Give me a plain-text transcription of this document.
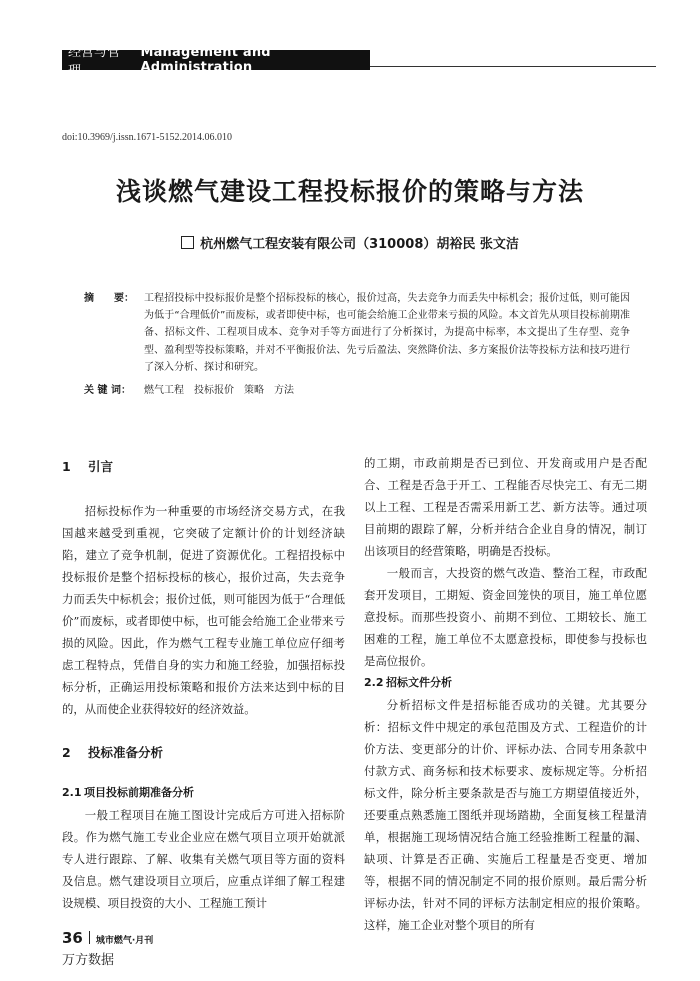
经营与管理
Management and Administration
doi:10.3969/j.issn.1671-5152.2014.06.010
浅谈燃气建设工程投标报价的策略与方法
杭州燃气工程安装有限公司（310008）胡裕民 张文洁
摘　　要：	工程招投标中投标报价是整个招标投标的核心，报价过高，失去竞争力而丢失中标机会；报价过低，则可能因为低于“合理低价”而废标，或者即使中标，也可能会给施工企业带来亏损的风险。本文首先从项目投标前期准备、招标文件、工程项目成本、竞争对手等方面进行了分析探讨，为提高中标率，本文提出了生存型、竞争型、盈利型等投标策略，并对不平衡报价法、先亏后盈法、突然降价法、多方案报价法等投标方法和技巧进行了深入分析、探讨和研究。
关 键 词：	燃气工程　投标报价　策略　方法
1 引言

招标投标作为一种重要的市场经济交易方式，在我国越来越受到重视，它突破了定额计价的计划经济缺陷，建立了竞争机制，促进了资源优化。工程招投标中投标报价是整个招标投标的核心，报价过高，失去竞争力而丢失中标机会；报价过低，则可能因为低于“合理低价”而废标，或者即使中标，也可能会给施工企业带来亏损的风险。因此，作为燃气工程专业施工单位应仔细考虑工程特点，凭借自身的实力和施工经验，加强招标投标分析，正确运用投标策略和报价方法来达到中标的目的，从而使企业获得较好的经济效益。

2 投标准备分析
2.1 项目投标前期准备分析

一般工程项目在施工图设计完成后方可进入招标阶段。作为燃气施工专业企业应在燃气项目立项开始就派专人进行跟踪、了解、收集有关燃气项目等方面的资料及信息。燃气建设项目立项后，应重点详细了解工程建设规模、项目投资的大小、工程施工预计

的工期，市政前期是否已到位、开发商或用户是否配合、工程是否急于开工、工程能否尽快完工、有无二期以上工程、工程是否需采用新工艺、新方法等。通过项目前期的跟踪了解，分析并结合企业自身的情况，制订出该项目的经营策略，明确是否投标。

一般而言，大投资的燃气改造、整治工程，市政配套开发项目，工期短、资金回笼快的项目，施工单位愿意投标。而那些投资小、前期不到位、工期较长、施工困难的工程，施工单位不太愿意投标，即使参与投标也是高位报价。

2.2 招标文件分析

分析招标文件是招标能否成功的关键。尤其要分析：招标文件中规定的承包范围及方式、工程造价的计价方法、变更部分的计价、评标办法、合同专用条款中付款方式、商务标和技术标要求、废标规定等。分析招标文件，除分析主要条款是否与施工方期望值接近外，还要重点熟悉施工图纸并现场踏勘，全面复核工程量清单，根据施工现场情况结合施工经验推断工程量的漏、缺项、计算是否正确、实施后工程量是否变更、增加等，根据不同的情况制定不同的报价原则。最后需分析评标办法，针对不同的评标方法制定相应的报价策略。这样，施工企业对整个项目的所有

36 城市燃气·月刊
万方数据
